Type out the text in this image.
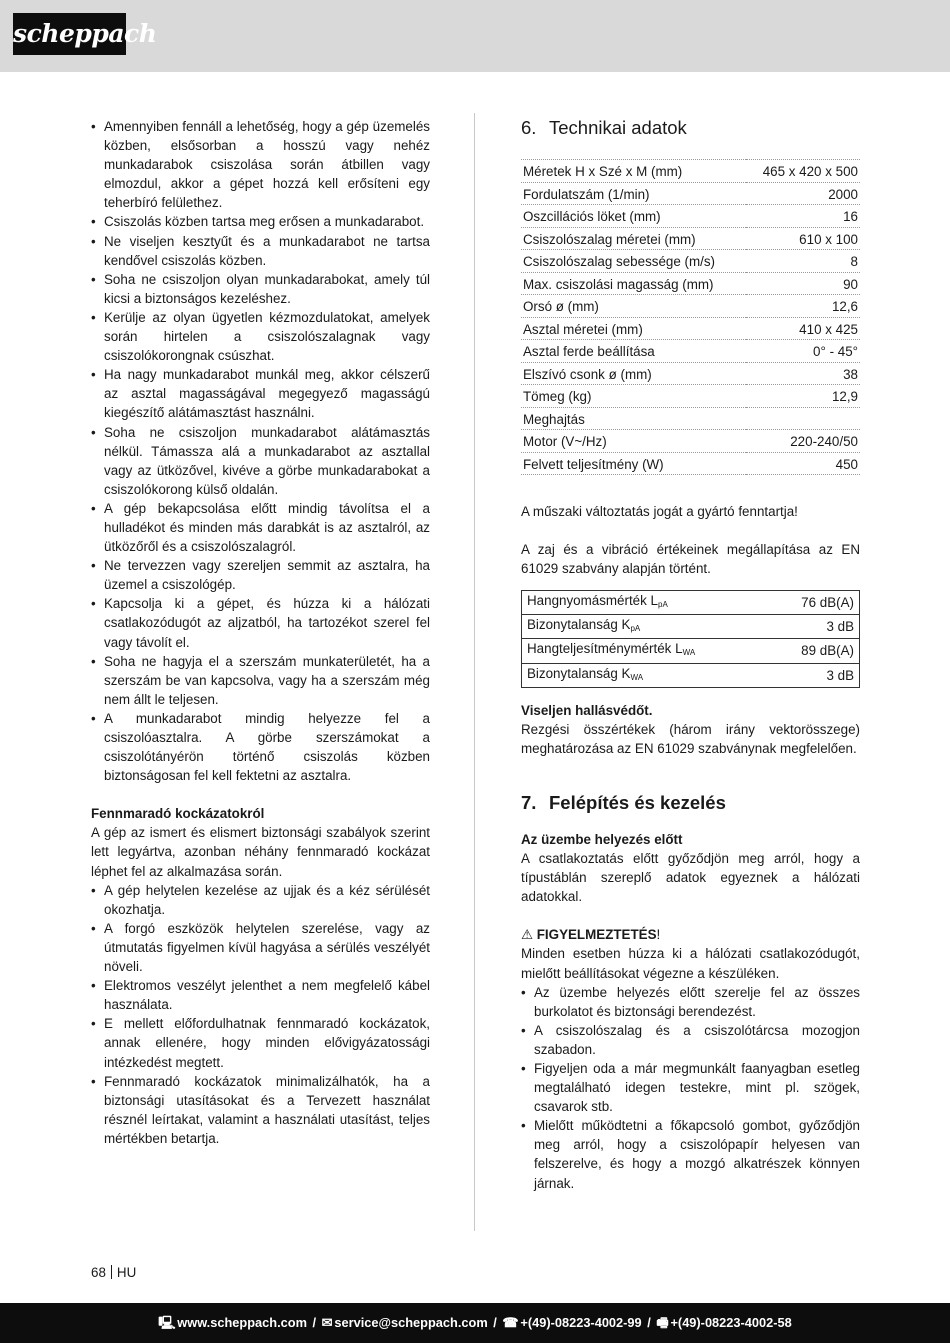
scheppach
• Amennyiben fennáll a lehetőség, hogy a gép üzemelés közben, elsősorban a hosszú vagy nehéz munkadarabok csiszolása során átbillen vagy elmozdul, akkor a gépet hozzá kell erősíteni egy teherbíró felülethez.
• Csiszolás közben tartsa meg erősen a munkadarabot.
• Ne viseljen kesztyűt és a munkadarabot ne tartsa kendővel csiszolás közben.
• Soha ne csiszoljon olyan munkadarabokat, amely túl kicsi a biztonságos kezeléshez.
• Kerülje az olyan ügyetlen kézmozdulatokat, amelyek során hirtelen a csiszolószalagnak vagy csiszolókorongnak csúszhat.
• Ha nagy munkadarabot munkál meg, akkor célszerű az asztal magasságával megegyező magasságú kiegészítő alátámasztást használni.
• Soha ne csiszoljon munkadarabot alátámasztás nélkül. Támassza alá a munkadarabot az asztallal vagy az ütközővel, kivéve a görbe munkadarabokat a csiszolókorong külső oldalán.
• A gép bekapcsolása előtt mindig távolítsa el a hulladékot és minden más darabkát is az asztalról, az ütközőről és a csiszolószalagról.
• Ne tervezzen vagy szereljen semmit az asztalra, ha üzemel a csiszológép.
• Kapcsolja ki a gépet, és húzza ki a hálózati csatlakozódugót az aljzatból, ha tartozékot szerel fel vagy távolít el.
• Soha ne hagyja el a szerszám munkaterületét, ha a szerszám be van kapcsolva, vagy ha a szerszám még nem állt le teljesen.
• A munkadarabot mindig helyezze fel a csiszolóasztalra. A görbe szerszámokat a csiszolótányérön történő csiszolás közben biztonságosan fel kell fektetni az asztalra.
Fennmaradó kockázatokról
A gép az ismert és elismert biztonsági szabályok szerint lett legyártva, azonban néhány fennmaradó kockázat léphet fel az alkalmazása során.
• A gép helytelen kezelése az ujjak és a kéz sérülését okozhatja.
• A forgó eszközök helytelen szerelése, vagy az útmutatás figyelmen kívül hagyása a sérülés veszélyét növeli.
• Elektromos veszélyt jelenthet a nem megfelelő kábel használata.
• E mellett előfordulhatnak fennmaradó kockázatok, annak ellenére, hogy minden elővigyázatossági intézkedést megtett.
• Fennmaradó kockázatok minimalizálhatók, ha a biztonsági utasításokat és a Tervezett használat résznél leírtakat, valamint a használati utasítást, teljes mértékben betartja.
6. Technikai adatok
Méretek H x Szé x M (mm)	465 x 420 x 500
Fordulatszám (1/min)	2000
Oszcillációs löket (mm)	16
Csiszolószalag méretei (mm)	610 x 100
Csiszolószalag sebessége (m/s)	8
Max. csiszolási magasság (mm)	90
Orsó ø (mm)	12,6
Asztal méretei (mm)	410 x 425
Asztal ferde beállítása	0° - 45°
Elszívó csonk ø (mm)	38
Tömeg (kg)	12,9
Meghajtás	
Motor (V~/Hz)	220-240/50
Felvett teljesítmény (W)	450
A műszaki változtatás jogát a gyártó fenntartja!
A zaj és a vibráció értékeinek megállapítása az EN 61029 szabvány alapján történt.
Hangnyomásmérték $L_{pA}$	76 dB(A)
Bizonytalanság $K_{pA}$	3 dB
Hangteljesítménymérték $L_{WA}$	89 dB(A)
Bizonytalanság $K_{WA}$	3 dB
Viseljen hallásvédőt.
Rezgési összértékek (három irány vektorösszege) meghatározása az EN 61029 szabványnak megfelelően.
7. Felépítés és kezelés
Az üzembe helyezés előtt
A csatlakoztatás előtt győződjön meg arról, hogy a típustáblán szereplő adatok egyeznek a hálózati adatokkal.
⚠ FIGYELMEZTETÉS!
Minden esetben húzza ki a hálózati csatlakozódugót, mielőtt beállításokat végezne a készüléken.
• Az üzembe helyezés előtt szerelje fel az összes burkolatot és biztonsági berendezést.
• A csiszolószalag és a csiszolótárcsa mozogjon szabadon.
• Figyeljen oda a már megmunkált faanyagban esetleg megtalálható idegen testekre, mint pl. szögek, csavarok stb.
• Mielőtt működtetni a főkapcsoló gombot, győződjön meg arról, hogy a csiszolópapír helyesen van felszerelve, és hogy a mozgó alkatrészek könnyen járnak.
68 HU
🖳 www.scheppach.com / ✉ service@scheppach.com / ☎ +(49)-08223-4002-99 / 🖷 +(49)-08223-4002-58
